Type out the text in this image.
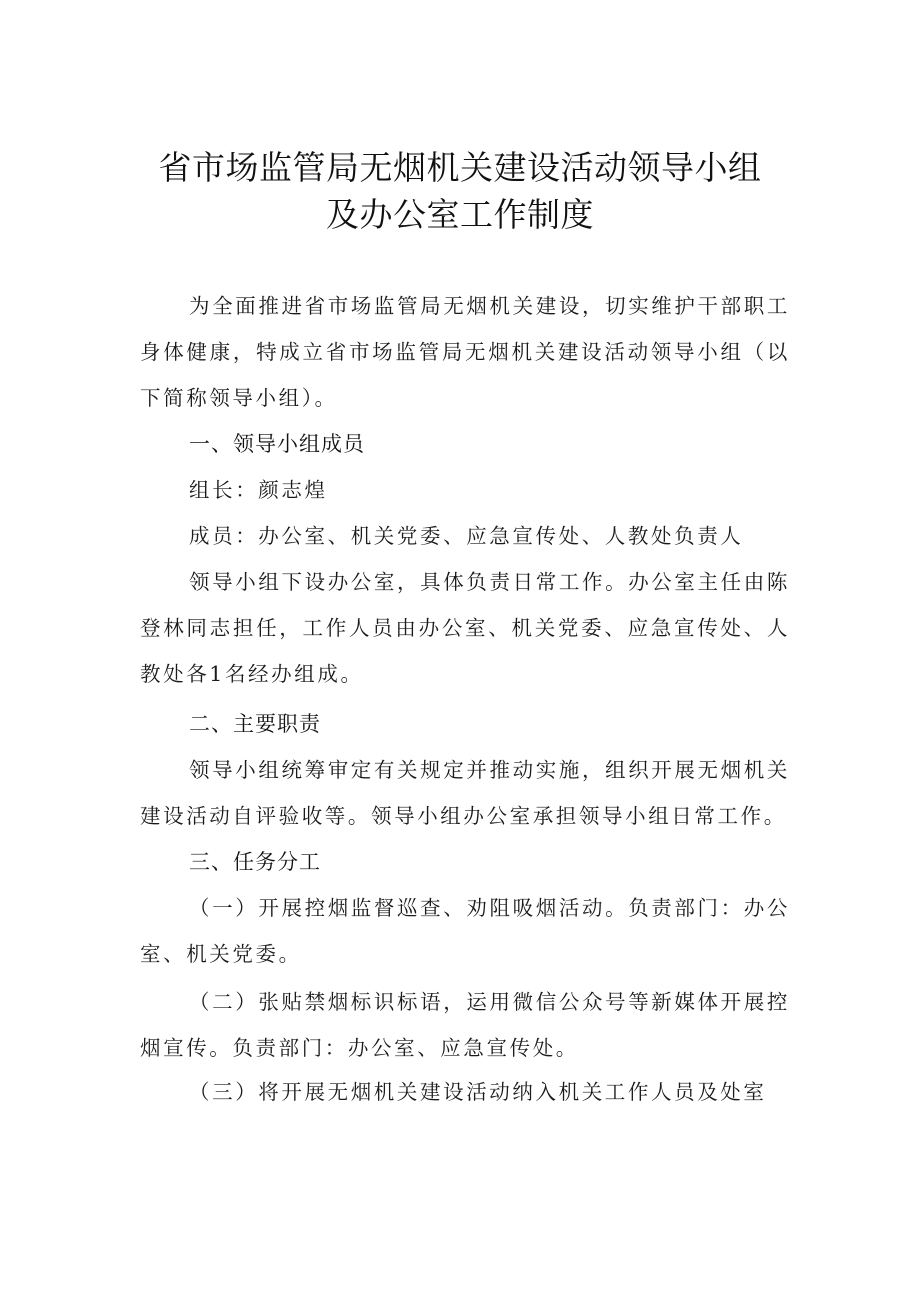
省市场监管局无烟机关建设活动领导小组
及办公室工作制度

为全面推进省市场监管局无烟机关建设，切实维护干部职工身体健康，特成立省市场监管局无烟机关建设活动领导小组（以下简称领导小组）。

一、领导小组成员

组长：颜志煌

成员：办公室、机关党委、应急宣传处、人教处负责人

领导小组下设办公室，具体负责日常工作。办公室主任由陈登林同志担任，工作人员由办公室、机关党委、应急宣传处、人教处各1名经办组成。

二、主要职责

领导小组统筹审定有关规定并推动实施，组织开展无烟机关建设活动自评验收等。领导小组办公室承担领导小组日常工作。

三、任务分工

（一）开展控烟监督巡查、劝阻吸烟活动。负责部门：办公室、机关党委。

（二）张贴禁烟标识标语，运用微信公众号等新媒体开展控烟宣传。负责部门：办公室、应急宣传处。

（三）将开展无烟机关建设活动纳入机关工作人员及处室
